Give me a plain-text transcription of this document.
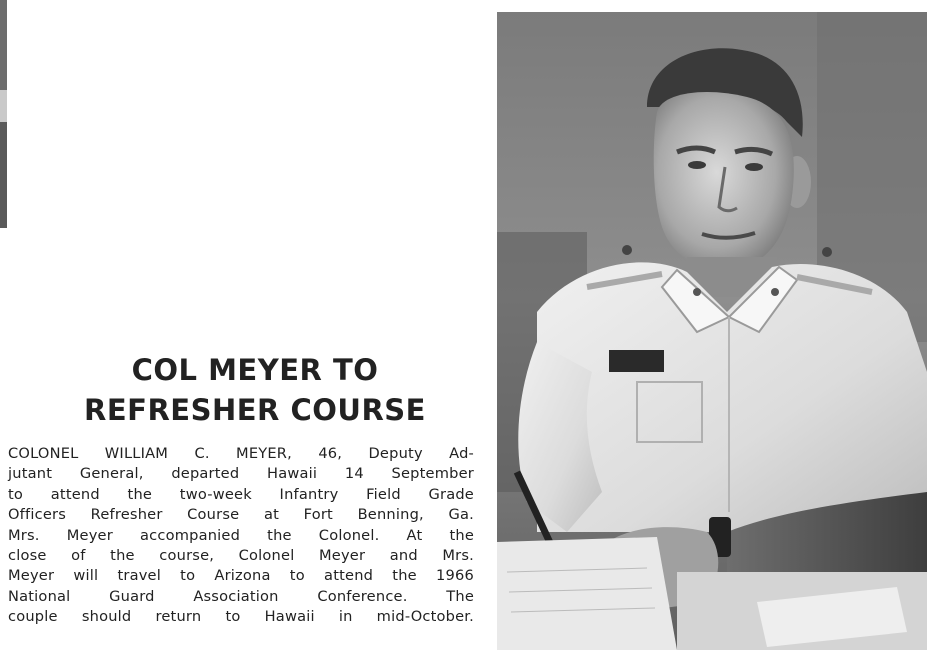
COL MEYER TO
REFRESHER COURSE
COLONEL WILLIAM C. MEYER, 46, Deputy Ad-
jutant General, departed Hawaii 14 September
to attend the two-week Infantry Field Grade
Officers Refresher Course at Fort Benning, Ga.
Mrs. Meyer accompanied the Colonel. At the
close of the course, Colonel Meyer and Mrs.
Meyer will travel to Arizona to attend the 1966
National Guard Association Conference. The
couple should return to Hawaii in mid-October.
